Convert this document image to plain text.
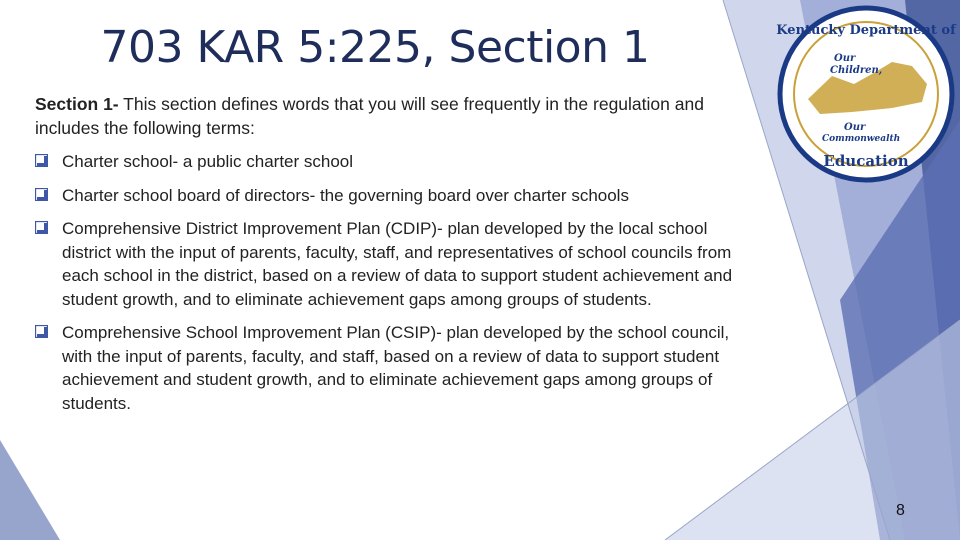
Kentucky Department of
Our
Children,
Our
Commonwealth
Education
703 KAR 5:225, Section 1
Section 1- This section defines words that you will see frequently in the regulation and includes the following terms:
Charter school- a public charter school
Charter school board of directors- the governing board over charter schools
Comprehensive District Improvement Plan (CDIP)- plan developed by the local school district with the input of parents, faculty, staff, and representatives of school councils from each school in the district, based on a review of data to support student achievement and student growth, and to eliminate achievement gaps among groups of students.
Comprehensive School Improvement Plan (CSIP)- plan developed by the school council, with the input of parents, faculty, and staff, based on a review of data to support student achievement and student growth, and to eliminate achievement gaps among groups of students.
8
